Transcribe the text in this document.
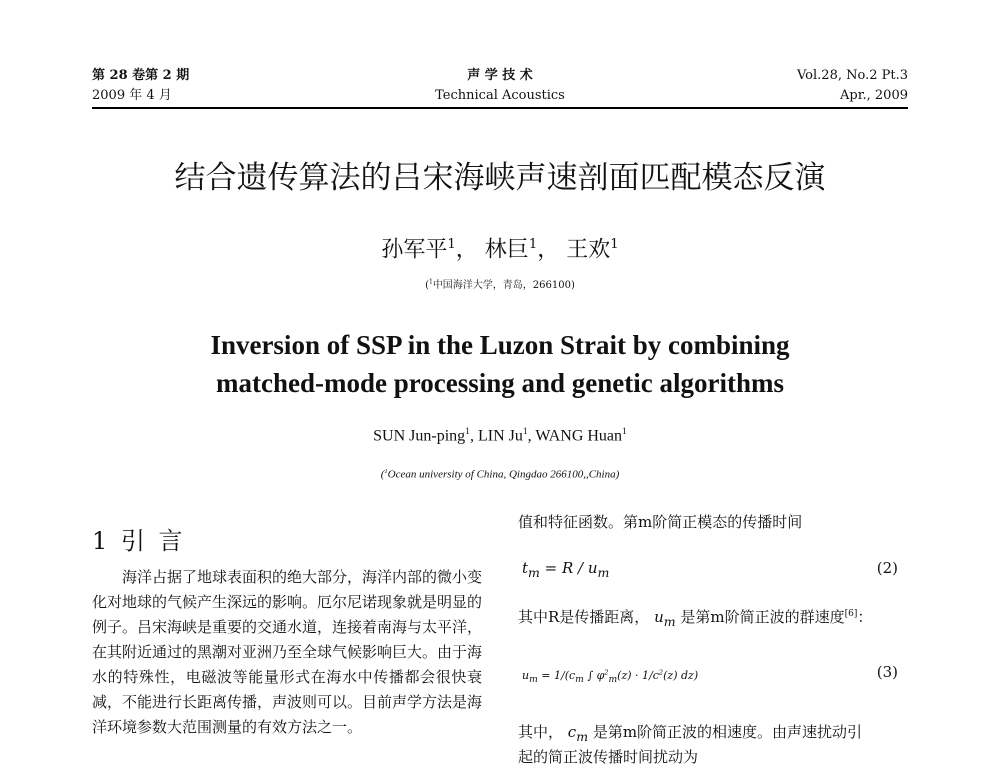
第 28 卷第 2 期
2009 年 4 月
声 学 技 术
Technical Acoustics
Vol.28, No.2 Pt.3
Apr., 2009
结合遗传算法的吕宋海峡声速剖面匹配模态反演
孙军平$^1$， 林巨$^1$， 王欢$^1$
($^1$中国海洋大学，青岛，266100)
Inversion of SSP in the Luzon Strait by combining
matched-mode processing and genetic algorithms
SUN Jun-ping$^1$, LIN Ju$^1$, WANG Huan$^1$
($^1$Ocean university of China, Qingdao 266100,,China)
1 引 言

海洋占据了地球表面积的绝大部分，海洋内部的微小变化对地球的气候产生深远的影响。厄尔尼诺现象就是明显的例子。吕宋海峡是重要的交通水道，连接着南海与太平洋，在其附近通过的黑潮对亚洲乃至全球气候影响巨大。由于海水的特殊性，电磁波等能量形式在海水中传播都会很快衰减，不能进行长距离传播，声波则可以。目前声学方法是海洋环境参数大范围测量的有效方法之一。

值和特征函数。第m阶简正模态的传播时间
$t_m = R / u_m$	(2)
其中R是传播距离， $u_m$ 是第m阶简正波的群速度[6]：
$u_m = 1/(c_m$ ∫ $\varphi^2_m(z) \cdot 1/c^2(z)$ dz)	(3)
其中， $c_m$ 是第m阶简正波的相速度。由声速扰动引
起的简正波传播时间扰动为
